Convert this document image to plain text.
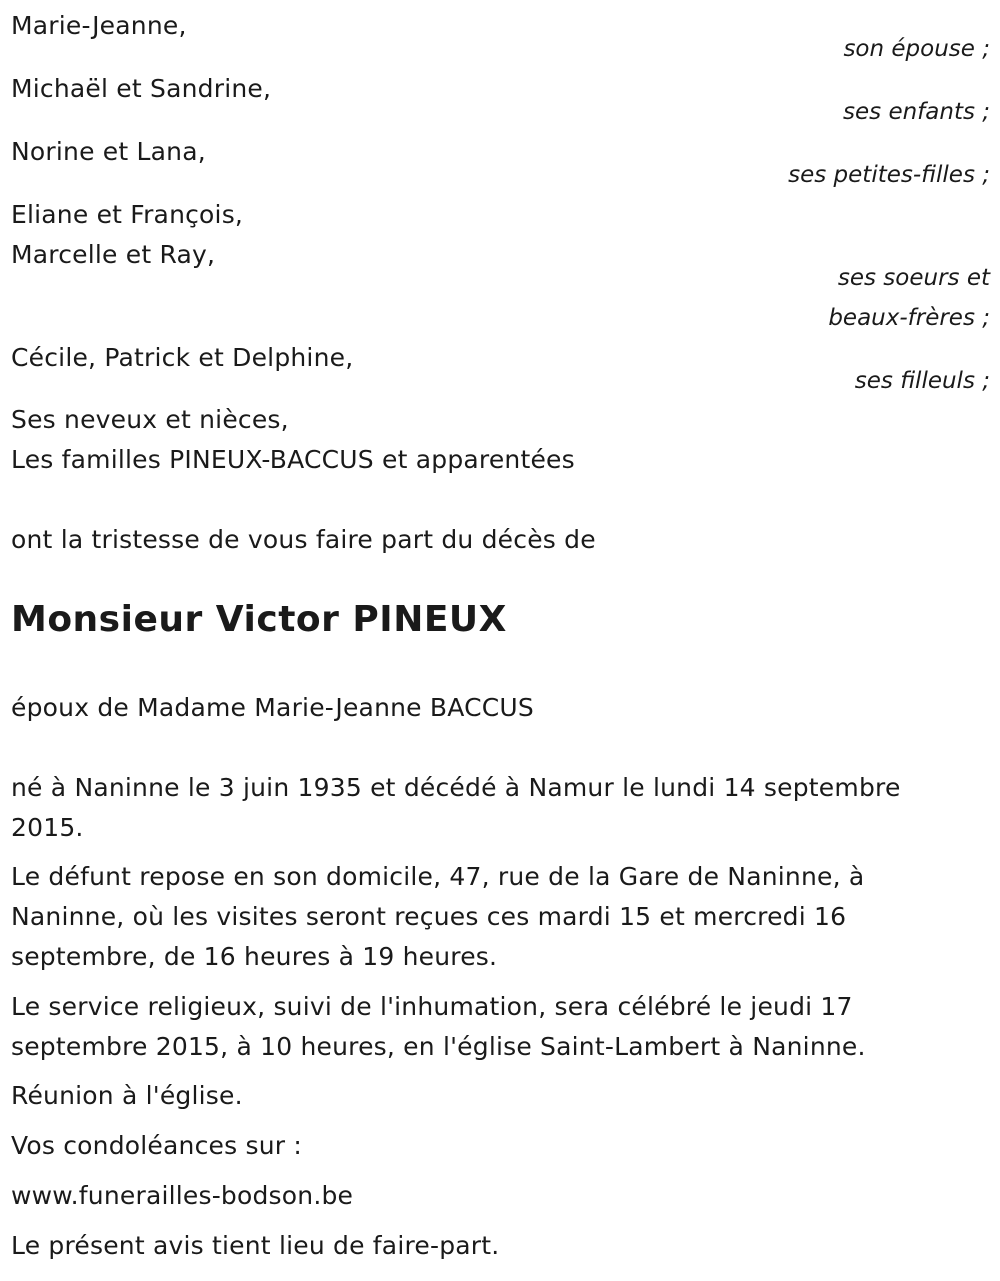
Marie-Jeanne,
son épouse ;
Michaël et Sandrine,
ses enfants ;
Norine et Lana,
ses petites-filles ;
Eliane et François,
Marcelle et Ray,
ses soeurs et
beaux-frères ;
Cécile, Patrick et Delphine,
ses filleuls ;
Ses neveux et nièces,
Les familles PINEUX-BACCUS et apparentées
ont la tristesse de vous faire part du décès de
Monsieur Victor PINEUX
époux de Madame Marie-Jeanne BACCUS
né à Naninne le 3 juin 1935 et décédé à Namur le lundi 14 septembre 2015.
Le défunt repose en son domicile, 47, rue de la Gare de Naninne, à Naninne, où les visites seront reçues ces mardi 15 et mercredi 16 septembre, de 16 heures à 19 heures.
Le service religieux, suivi de l'inhumation, sera célébré le jeudi 17 septembre 2015, à 10 heures, en l'église Saint-Lambert à Naninne.
Réunion à l'église.
Vos condoléances sur :
www.funerailles-bodson.be
Le présent avis tient lieu de faire-part.
